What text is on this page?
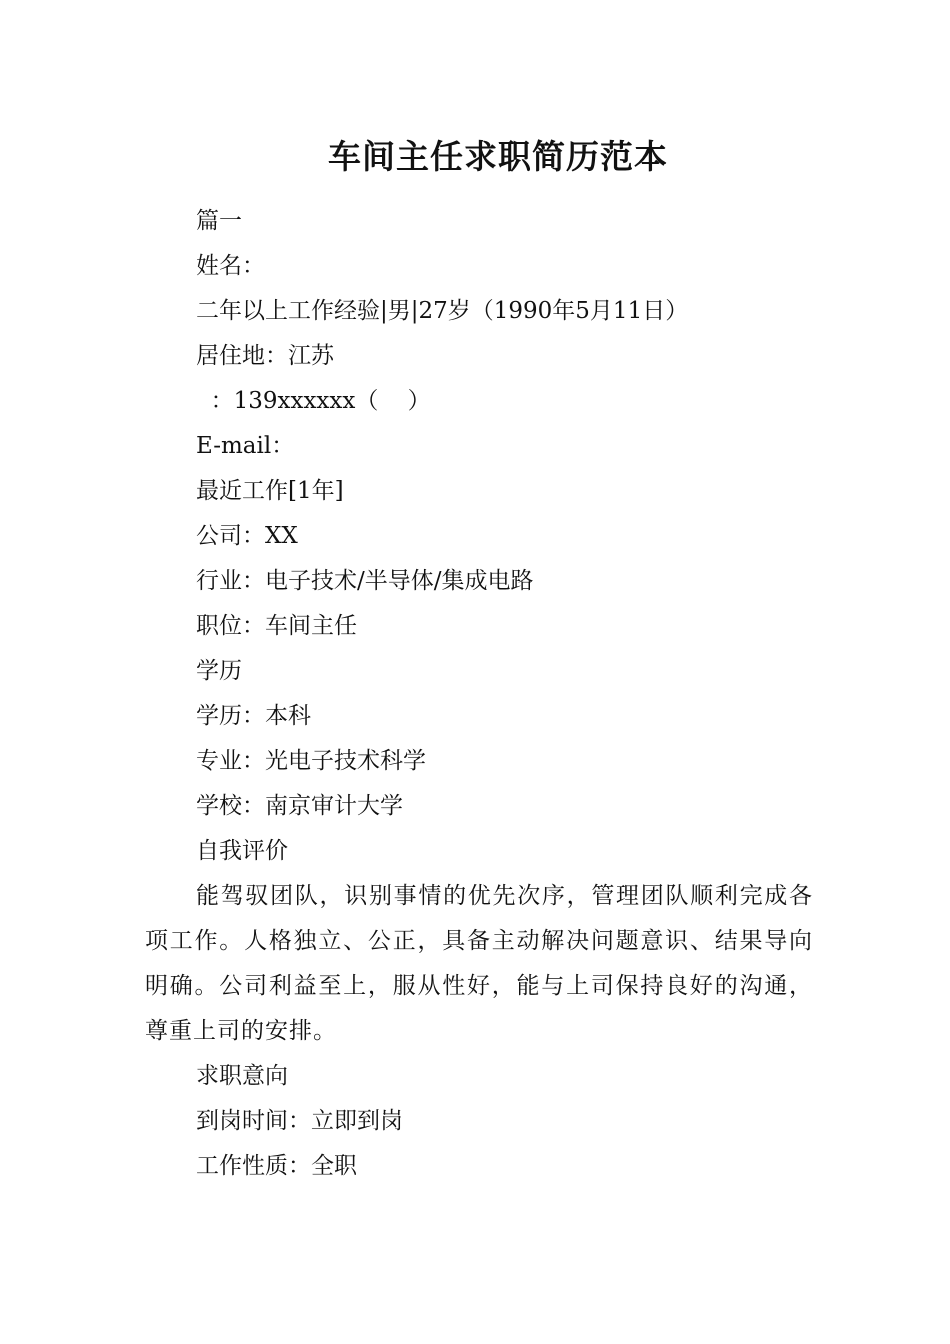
车间主任求职简历范本
篇一
姓名：
二年以上工作经验|男|27岁（1990年5月11日）
居住地：江苏
：139xxxxxx（    ）
E-mail：
最近工作[1年]
公司：XX
行业：电子技术/半导体/集成电路
职位：车间主任
学历
学历：本科
专业：光电子技术科学
学校：南京审计大学
自我评价

能驾驭团队，识别事情的优先次序，管理团队顺利完成各项工作。人格独立、公正，具备主动解决问题意识、结果导向明确。公司利益至上，服从性好，能与上司保持良好的沟通，尊重上司的安排。

求职意向
到岗时间：立即到岗
工作性质：全职
